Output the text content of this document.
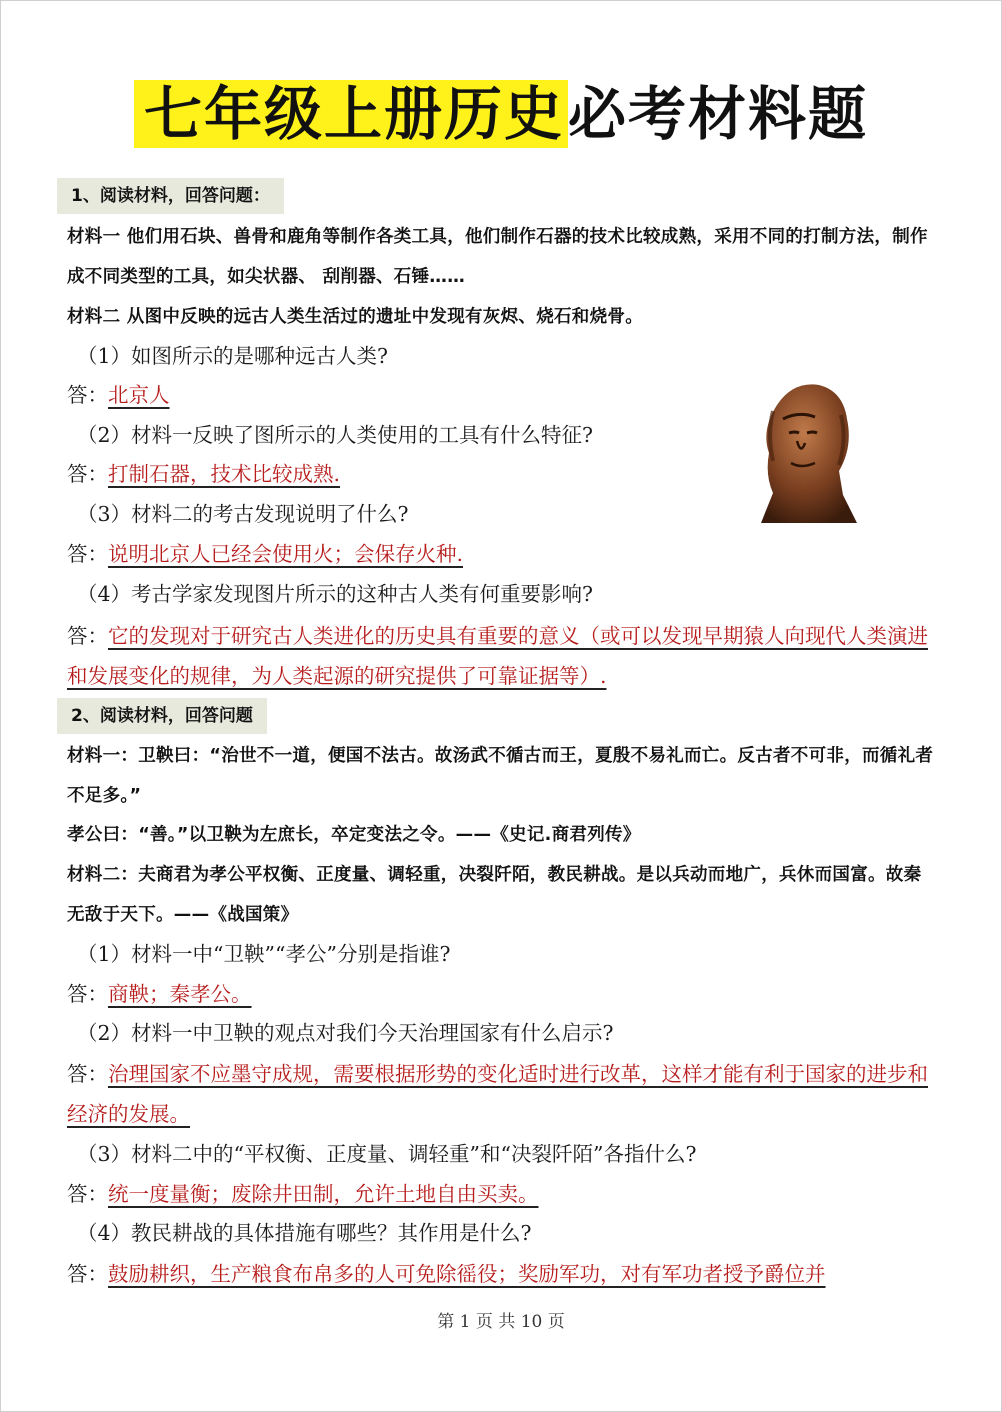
七年级上册历史必考材料题
1、阅读材料，回答问题：
材料一 他们用石块、兽骨和鹿角等制作各类工具，他们制作石器的技术比较成熟，采用不同的打制方法，制作成不同类型的工具，如尖状器、 刮削器、石锤……
材料二 从图中反映的远古人类生活过的遗址中发现有灰烬、烧石和烧骨。
（1）如图所示的是哪种远古人类?
答：北京人
（2）材料一反映了图所示的人类使用的工具有什么特征?
答：打制石器，技术比较成熟.
（3）材料二的考古发现说明了什么?
答：说明北京人已经会使用火；会保存火种.
（4）考古学家发现图片所示的这种古人类有何重要影响?
答：它的发现对于研究古人类进化的历史具有重要的意义（或可以发现早期猿人向现代人类演进和发展变化的规律，为人类起源的研究提供了可靠证据等）.
2、阅读材料，回答问题
材料一：卫鞅曰：“治世不一道，便国不法古。故汤武不循古而王，夏殷不易礼而亡。反古者不可非，而循礼者不足多。”
孝公曰：“善。”以卫鞅为左庶长，卒定变法之令。——《史记.商君列传》
材料二：夫商君为孝公平权衡、正度量、调轻重，决裂阡陌，教民耕战。是以兵动而地广，兵休而国富。故秦无敌于天下。——《战国策》
（1）材料一中“卫鞅”“孝公”分别是指谁?
答：商鞅；秦孝公。
（2）材料一中卫鞅的观点对我们今天治理国家有什么启示?
答：治理国家不应墨守成规，需要根据形势的变化适时进行改革，这样才能有利于国家的进步和经济的发展。
（3）材料二中的“平权衡、正度量、调轻重”和“决裂阡陌”各指什么?
答：统一度量衡；废除井田制，允许土地自由买卖。
（4）教民耕战的具体措施有哪些？其作用是什么?
答：鼓励耕织，生产粮食布帛多的人可免除徭役；奖励军功，对有军功者授予爵位并
第 1 页 共 10 页
